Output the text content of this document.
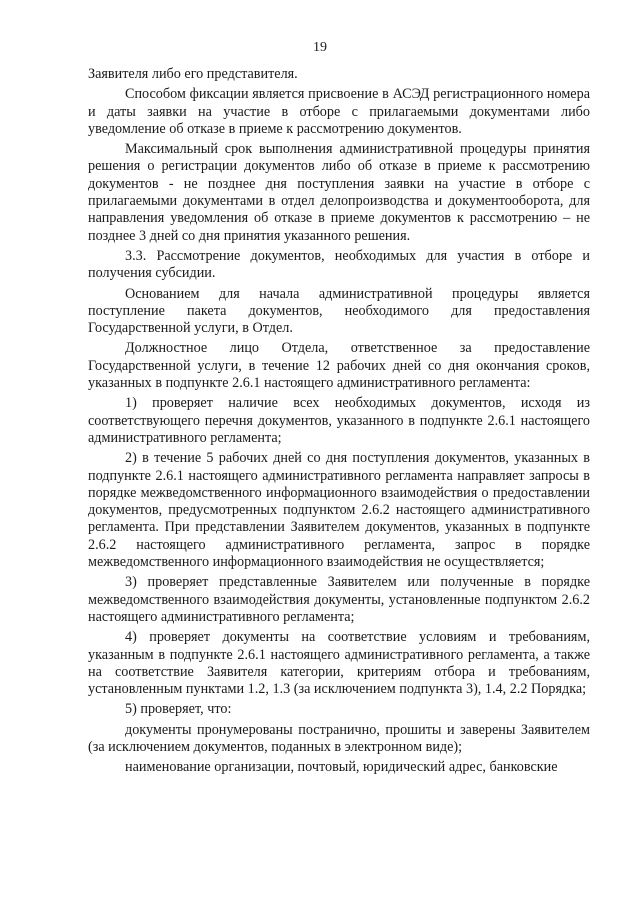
19

Заявителя либо его представителя.

Способом фиксации является присвоение в АСЭД регистрационного номера и даты заявки на участие в отборе с прилагаемыми документами либо уведомление об отказе в приеме к рассмотрению документов.

Максимальный срок выполнения административной процедуры принятия решения о регистрации документов либо об отказе в приеме к рассмотрению документов - не позднее дня поступления заявки на участие в отборе с прилагаемыми документами в отдел делопроизводства и документооборота, для направления уведомления об отказе в приеме документов к рассмотрению – не позднее 3 дней со дня принятия указанного решения.

3.3. Рассмотрение документов, необходимых для участия в отборе и получения субсидии.

Основанием для начала административной процедуры является поступление пакета документов, необходимого для предоставления Государственной услуги, в Отдел.

Должностное лицо Отдела, ответственное за предоставление Государственной услуги, в течение 12 рабочих дней со дня окончания сроков, указанных в подпункте 2.6.1 настоящего административного регламента:

1) проверяет наличие всех необходимых документов, исходя из соответствующего перечня документов, указанного в подпункте 2.6.1 настоящего административного регламента;

2) в течение 5 рабочих дней со дня поступления документов, указанных в подпункте 2.6.1 настоящего административного регламента направляет запросы в порядке межведомственного информационного взаимодействия о предоставлении документов, предусмотренных подпунктом 2.6.2 настоящего административного регламента. При представлении Заявителем документов, указанных в подпункте 2.6.2 настоящего административного регламента, запрос в порядке межведомственного информационного взаимодействия не осуществляется;

3) проверяет представленные Заявителем или полученные в порядке межведомственного взаимодействия документы, установленные подпунктом 2.6.2 настоящего административного регламента;

4) проверяет документы на соответствие условиям и требованиям, указанным в подпункте 2.6.1 настоящего административного регламента, а также на соответствие Заявителя категории, критериям отбора и требованиям, установленным пунктами 1.2, 1.3 (за исключением подпункта 3), 1.4, 2.2 Порядка;

5) проверяет, что:

документы пронумерованы постранично, прошиты и заверены Заявителем (за исключением документов, поданных в электронном виде);

наименование организации, почтовый, юридический адрес, банковские
